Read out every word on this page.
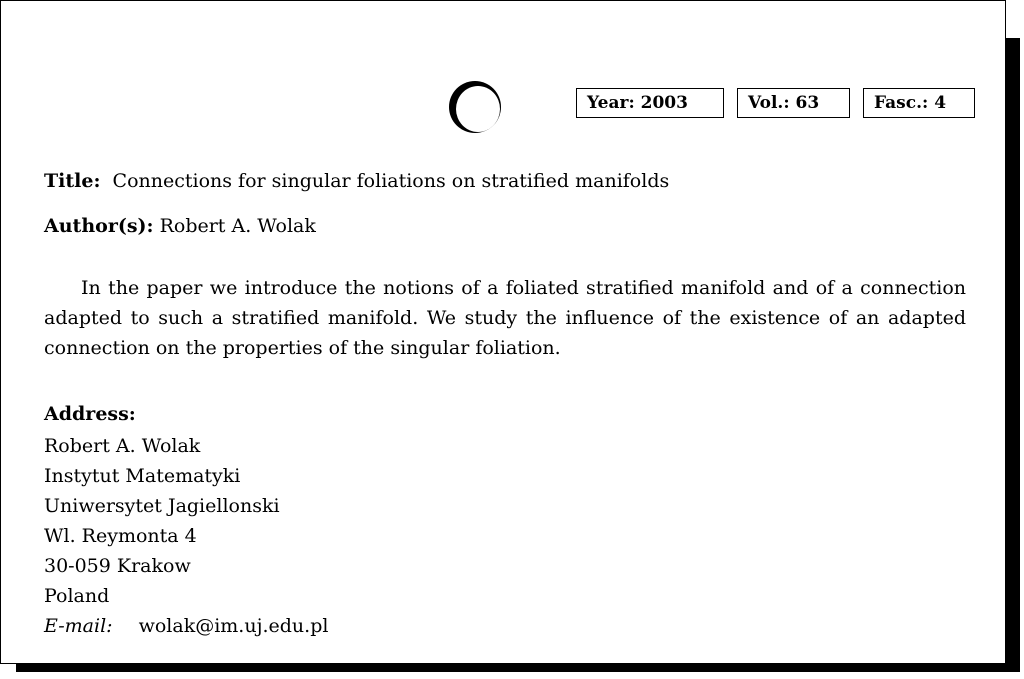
Year: 2003	Vol.: 63	Fasc.: 4
Title: Connections for singular foliations on stratified manifolds
Author(s): Robert A. Wolak

In the paper we introduce the notions of a foliated stratified manifold and of a connection adapted to such a stratified manifold. We study the influence of the existence of an adapted connection on the properties of the singular foliation.

Address:
Robert A. Wolak
Instytut Matematyki
Uniwersytet Jagiellonski
Wl. Reymonta 4
30-059 Krakow
Poland
E-mail: wolak@im.uj.edu.pl
